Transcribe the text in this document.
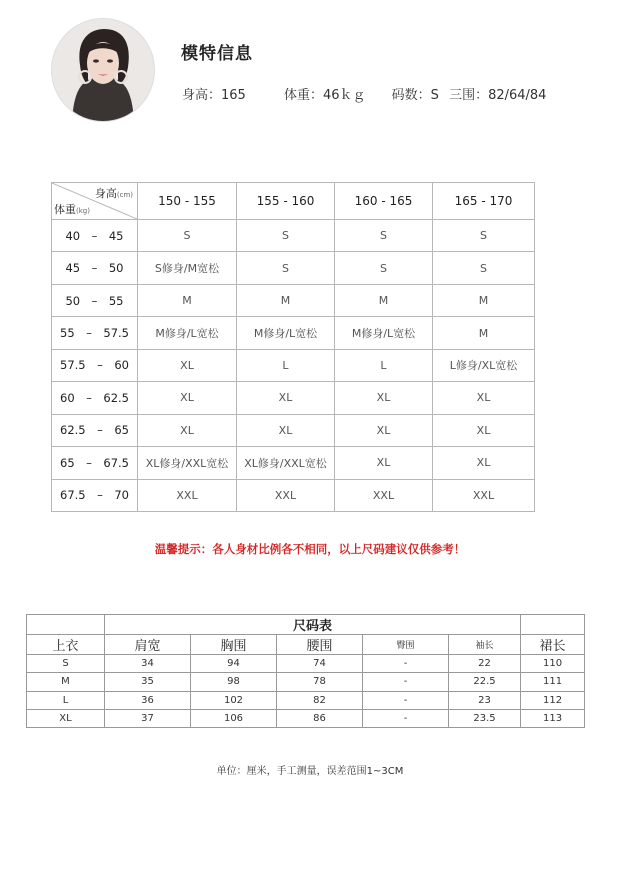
模特信息
身高：165	体重：46ｋｇ 码数：S 三围：82/64/84
身高(cm)
体重(kg)	150 - 155	155 - 160	160 - 165	165 - 170
40　–　45	S	S	S	S
45　–　50	S修身/M宽松	S	S	S
50　–　55	M	M	M	M
55　–　57.5	M修身/L宽松	M修身/L宽松	M修身/L宽松	M
57.5　–　60	XL	L	L	L修身/XL宽松
60　–　62.5	XL	XL	XL	XL
62.5　–　65	XL	XL	XL	XL
65　–　67.5	XL修身/XXL宽松	XL修身/XXL宽松	XL	XL
67.5　–　70	XXL	XXL	XXL	XXL
温馨提示：各人身材比例各不相同，以上尺码建议仅供参考！
	尺码表					
上衣	肩宽	胸围	腰围	臀围	袖长	裙长
S	34	94	74	-	22	110
M	35	98	78	-	22.5	111
L	36	102	82	-	23	112
XL	37	106	86	-	23.5	113
单位：厘米，手工测量，误差范围1~3CM
